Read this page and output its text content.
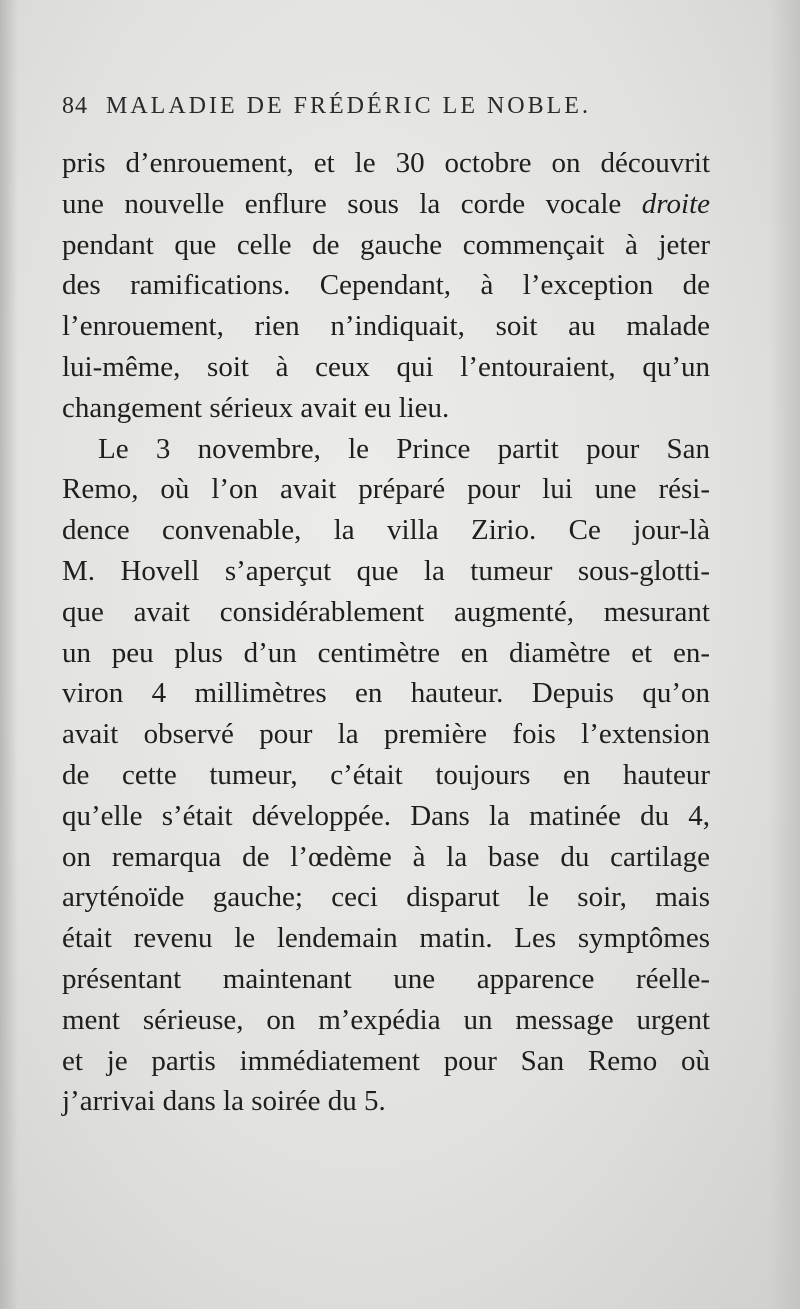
84 MALADIE DE FRÉDÉRIC LE NOBLE.
pris d’enrouement, et le 30 octobre on découvrit
une nouvelle enflure sous la corde vocale droite
pendant que celle de gauche commençait à jeter
des ramifications. Cependant, à l’exception de
l’enrouement, rien n’indiquait, soit au malade
lui-même, soit à ceux qui l’entouraient, qu’un
changement sérieux avait eu lieu.
Le 3 novembre, le Prince partit pour San
Remo, où l’on avait préparé pour lui une rési-
dence convenable, la villa Zirio. Ce jour-là
M. Hovell s’aperçut que la tumeur sous-glotti-
que avait considérablement augmenté, mesurant
un peu plus d’un centimètre en diamètre et en-
viron 4 millimètres en hauteur. Depuis qu’on
avait observé pour la première fois l’extension
de cette tumeur, c’était toujours en hauteur
qu’elle s’était développée. Dans la matinée du 4,
on remarqua de l’œdème à la base du cartilage
aryténoïde gauche; ceci disparut le soir, mais
était revenu le lendemain matin. Les symptômes
présentant maintenant une apparence réelle-
ment sérieuse, on m’expédia un message urgent
et je partis immédiatement pour San Remo où
j’arrivai dans la soirée du 5.
